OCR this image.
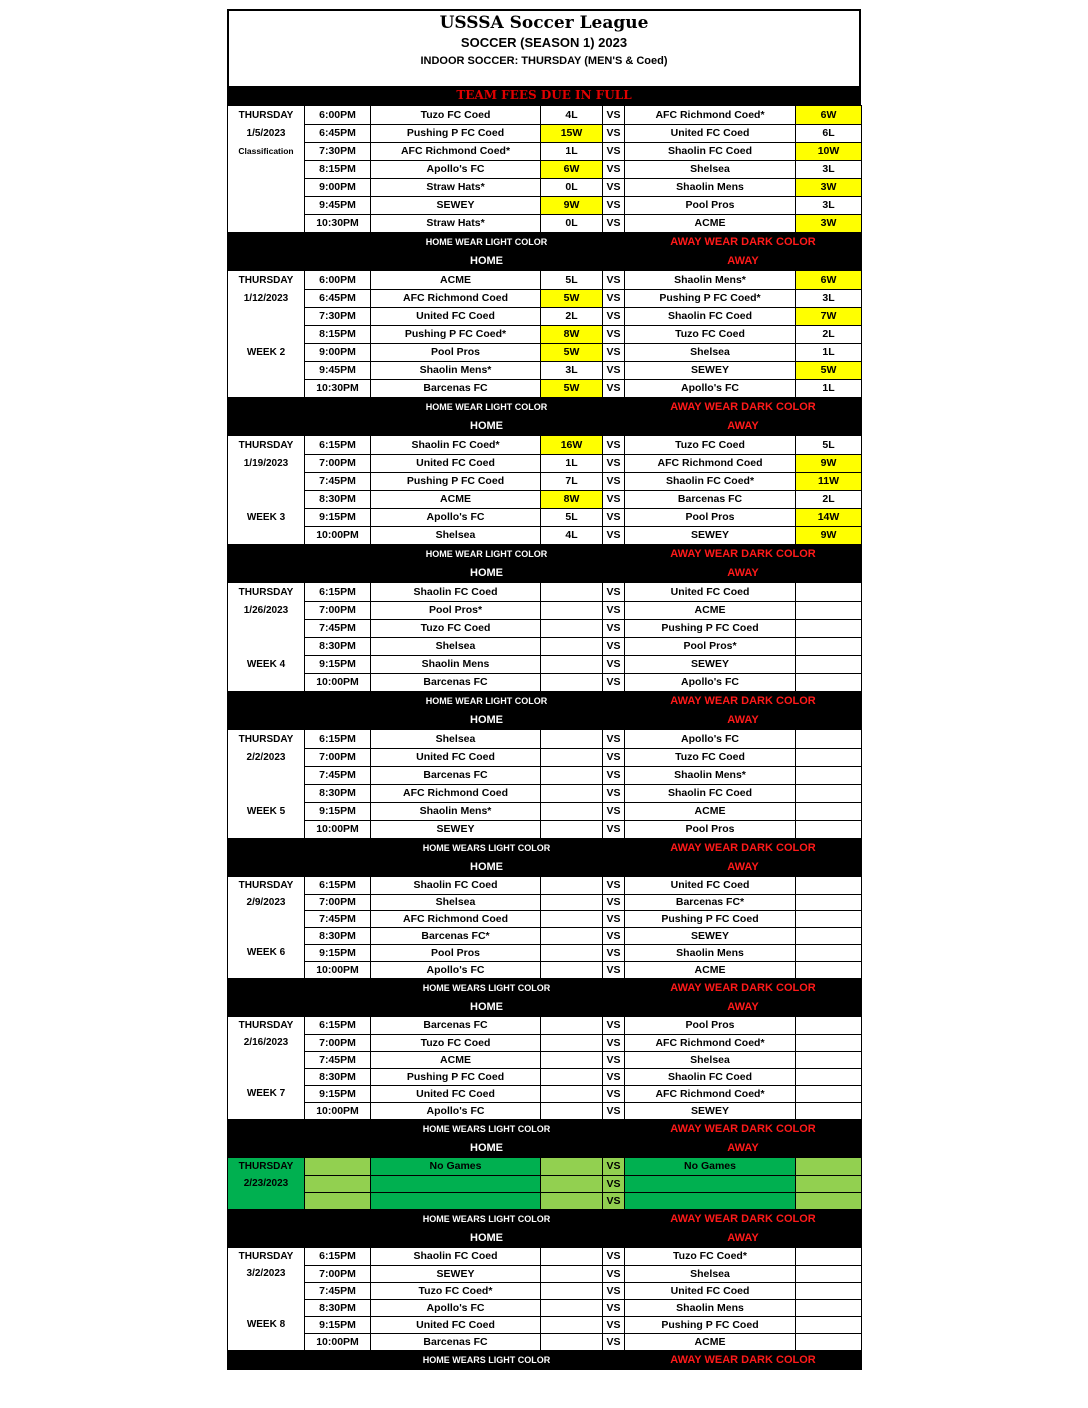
USSSA Soccer League
SOCCER (SEASON 1) 2023
INDOOR SOCCER: THURSDAY (MEN'S & Coed)
TEAM FEES DUE IN FULL
THURSDAY	6:00PM	Tuzo FC Coed	4L	VS	AFC Richmond Coed*	6W
1/5/2023	6:45PM	Pushing P FC Coed	15W	VS	United FC Coed	6L
Classification	7:30PM	AFC Richmond Coed*	1L	VS	Shaolin FC Coed	10W
	8:15PM	Apollo's FC	6W	VS	Shelsea	3L
	9:00PM	Straw Hats*	0L	VS	Shaolin Mens	3W
	9:45PM	SEWEY	9W	VS	Pool Pros	3L
	10:30PM	Straw Hats*	0L	VS	ACME	3W
		HOME WEAR LIGHT COLOR			AWAY WEAR DARK COLOR	
		HOME			AWAY	
THURSDAY	6:00PM	ACME	5L	VS	Shaolin Mens*	6W
1/12/2023	6:45PM	AFC Richmond Coed	5W	VS	Pushing P FC Coed*	3L
	7:30PM	United FC Coed	2L	VS	Shaolin FC Coed	7W
	8:15PM	Pushing P FC Coed*	8W	VS	Tuzo FC Coed	2L
WEEK 2	9:00PM	Pool Pros	5W	VS	Shelsea	1L
	9:45PM	Shaolin Mens*	3L	VS	SEWEY	5W
	10:30PM	Barcenas FC	5W	VS	Apollo's FC	1L
		HOME WEAR LIGHT COLOR			AWAY WEAR DARK COLOR	
		HOME			AWAY	
THURSDAY	6:15PM	Shaolin FC Coed*	16W	VS	Tuzo FC Coed	5L
1/19/2023	7:00PM	United FC Coed	1L	VS	AFC Richmond Coed	9W
	7:45PM	Pushing P FC Coed	7L	VS	Shaolin FC Coed*	11W
	8:30PM	ACME	8W	VS	Barcenas FC	2L
WEEK 3	9:15PM	Apollo's FC	5L	VS	Pool Pros	14W
	10:00PM	Shelsea	4L	VS	SEWEY	9W
		HOME WEAR LIGHT COLOR			AWAY WEAR DARK COLOR	
		HOME			AWAY	
THURSDAY	6:15PM	Shaolin FC Coed		VS	United FC Coed	
1/26/2023	7:00PM	Pool Pros*		VS	ACME	
	7:45PM	Tuzo FC Coed		VS	Pushing P FC Coed	
	8:30PM	Shelsea		VS	Pool Pros*	
WEEK 4	9:15PM	Shaolin Mens		VS	SEWEY	
	10:00PM	Barcenas FC		VS	Apollo's FC	
		HOME WEAR LIGHT COLOR			AWAY WEAR DARK COLOR	
		HOME			AWAY	
THURSDAY	6:15PM	Shelsea		VS	Apollo's FC	
2/2/2023	7:00PM	United FC Coed		VS	Tuzo FC Coed	
	7:45PM	Barcenas FC		VS	Shaolin Mens*	
	8:30PM	AFC Richmond Coed		VS	Shaolin FC Coed	
WEEK 5	9:15PM	Shaolin Mens*		VS	ACME	
	10:00PM	SEWEY		VS	Pool Pros	
		HOME WEARS LIGHT COLOR			AWAY WEAR DARK COLOR	
		HOME			AWAY	
THURSDAY	6:15PM	Shaolin FC Coed		VS	United FC Coed	
2/9/2023	7:00PM	Shelsea		VS	Barcenas FC*	
	7:45PM	AFC Richmond Coed		VS	Pushing P FC Coed	
	8:30PM	Barcenas FC*		VS	SEWEY	
WEEK 6	9:15PM	Pool Pros		VS	Shaolin Mens	
	10:00PM	Apollo's FC		VS	ACME	
		HOME WEARS LIGHT COLOR			AWAY WEAR DARK COLOR	
		HOME			AWAY	
THURSDAY	6:15PM	Barcenas FC		VS	Pool Pros	
2/16/2023	7:00PM	Tuzo FC Coed		VS	AFC Richmond Coed*	
	7:45PM	ACME		VS	Shelsea	
	8:30PM	Pushing P FC Coed		VS	Shaolin FC Coed	
WEEK 7	9:15PM	United FC Coed		VS	AFC Richmond Coed*	
	10:00PM	Apollo's FC		VS	SEWEY	
		HOME WEARS LIGHT COLOR			AWAY WEAR DARK COLOR	
		HOME			AWAY	
THURSDAY		No Games		VS	No Games	
2/23/2023				VS		
				VS		
		HOME WEARS LIGHT COLOR			AWAY WEAR DARK COLOR	
		HOME			AWAY	
THURSDAY	6:15PM	Shaolin FC Coed		VS	Tuzo FC Coed*	
3/2/2023	7:00PM	SEWEY		VS	Shelsea	
	7:45PM	Tuzo FC Coed*		VS	United FC Coed	
	8:30PM	Apollo's FC		VS	Shaolin Mens	
WEEK 8	9:15PM	United FC Coed		VS	Pushing P FC Coed	
	10:00PM	Barcenas FC		VS	ACME	
		HOME WEARS LIGHT COLOR			AWAY WEAR DARK COLOR	
